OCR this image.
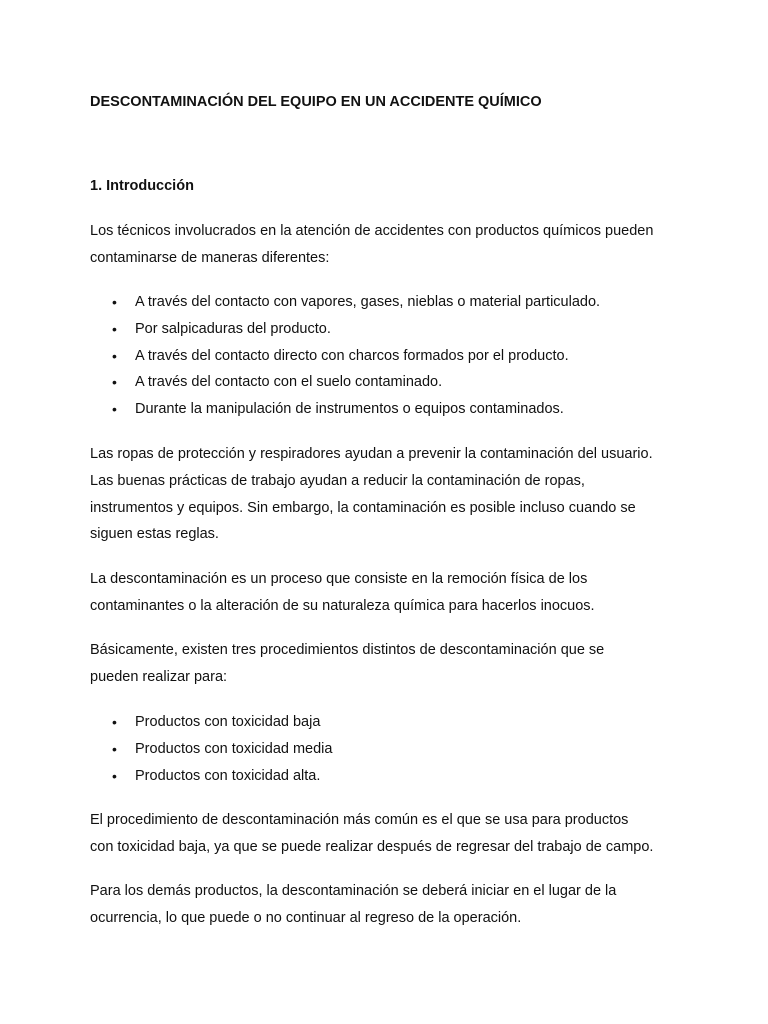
DESCONTAMINACIÓN DEL EQUIPO EN UN ACCIDENTE QUÍMICO
1. Introducción

Los técnicos involucrados en la atención de accidentes con productos químicos pueden
contaminarse de maneras diferentes:

• A través del contacto con vapores, gases, nieblas o material particulado.
• Por salpicaduras del producto.
• A través del contacto directo con charcos formados por el producto.
• A través del contacto con el suelo contaminado.
• Durante la manipulación de instrumentos o equipos contaminados.

Las ropas de protección y respiradores ayudan a prevenir la contaminación del usuario.
Las buenas prácticas de trabajo ayudan a reducir la contaminación de ropas,
instrumentos y equipos. Sin embargo, la contaminación es posible incluso cuando se
siguen estas reglas.

La descontaminación es un proceso que consiste en la remoción física de los
contaminantes o la alteración de su naturaleza química para hacerlos inocuos.

Básicamente, existen tres procedimientos distintos de descontaminación que se
pueden realizar para:

• Productos con toxicidad baja
• Productos con toxicidad media
• Productos con toxicidad alta.

El procedimiento de descontaminación más común es el que se usa para productos
con toxicidad baja, ya que se puede realizar después de regresar del trabajo de campo.

Para los demás productos, la descontaminación se deberá iniciar en el lugar de la
ocurrencia, lo que puede o no continuar al regreso de la operación.
